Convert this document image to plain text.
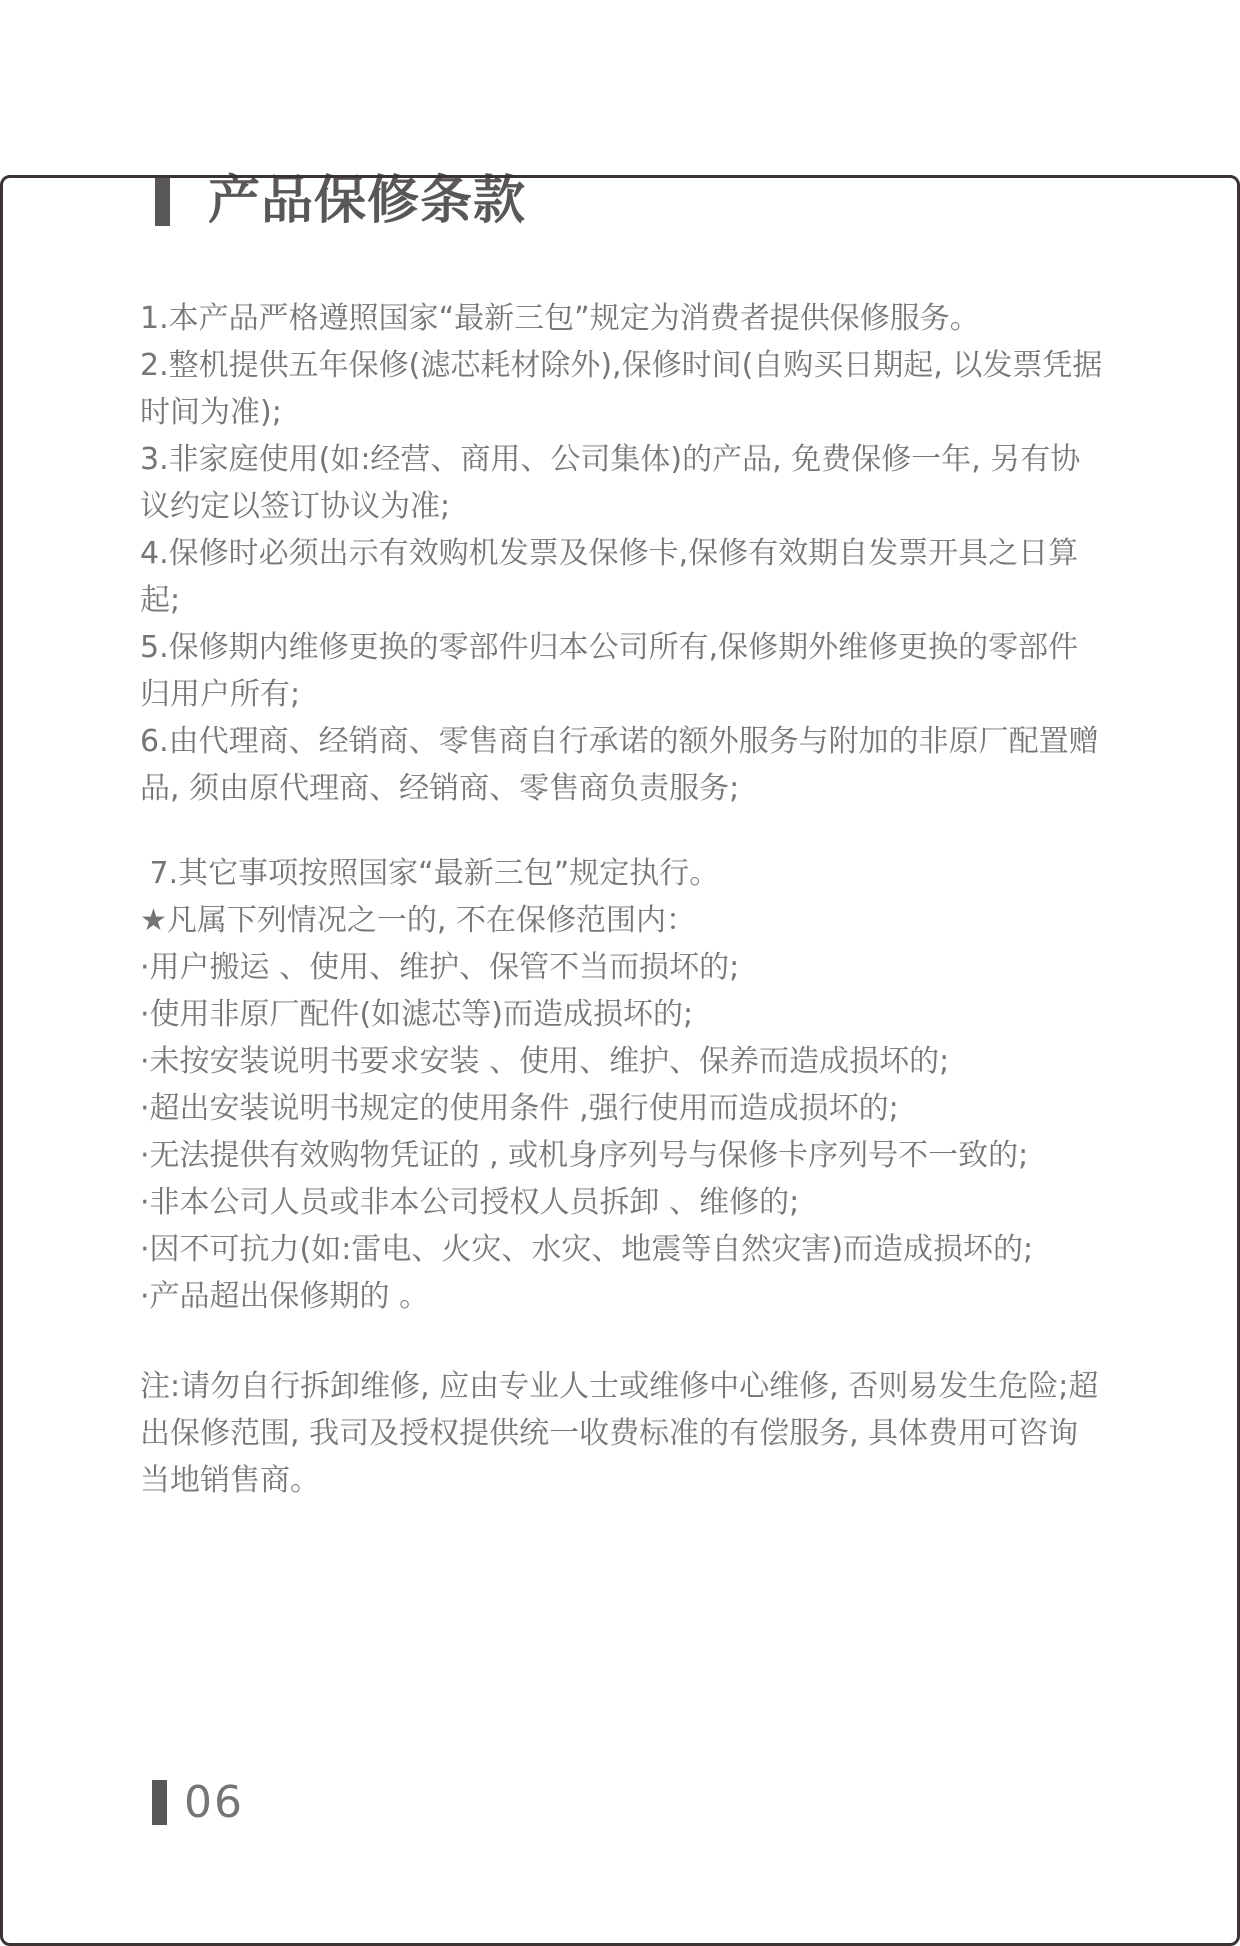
产品保修条款

1.本产品严格遵照国家“最新三包”规定为消费者提供保修服务。

2.整机提供五年保修(滤芯耗材除外),保修时间(自购买日期起, 以发票凭据时间为准);

3.非家庭使用(如:经营、商用、公司集体)的产品, 免费保修一年, 另有协议约定以签订协议为准;

4.保修时必须出示有效购机发票及保修卡,保修有效期自发票开具之日算起;

5.保修期内维修更换的零部件归本公司所有,保修期外维修更换的零部件归用户所有;

6.由代理商、经销商、零售商自行承诺的额外服务与附加的非原厂配置赠品, 须由原代理商、经销商、零售商负责服务;

7.其它事项按照国家“最新三包”规定执行。

★凡属下列情况之一的, 不在保修范围内：

·用户搬运 、使用、维护、保管不当而损坏的;

·使用非原厂配件(如滤芯等)而造成损坏的;

·未按安装说明书要求安装 、使用、维护、保养而造成损坏的;

·超出安装说明书规定的使用条件 ,强行使用而造成损坏的;

·无法提供有效购物凭证的 , 或机身序列号与保修卡序列号不一致的;

·非本公司人员或非本公司授权人员拆卸 、维修的;

·因不可抗力(如:雷电、火灾、水灾、地震等自然灾害)而造成损坏的;

·产品超出保修期的 。

注:请勿自行拆卸维修, 应由专业人士或维修中心维修, 否则易发生危险;超出保修范围, 我司及授权提供统一收费标准的有偿服务, 具体费用可咨询当地销售商。

06
